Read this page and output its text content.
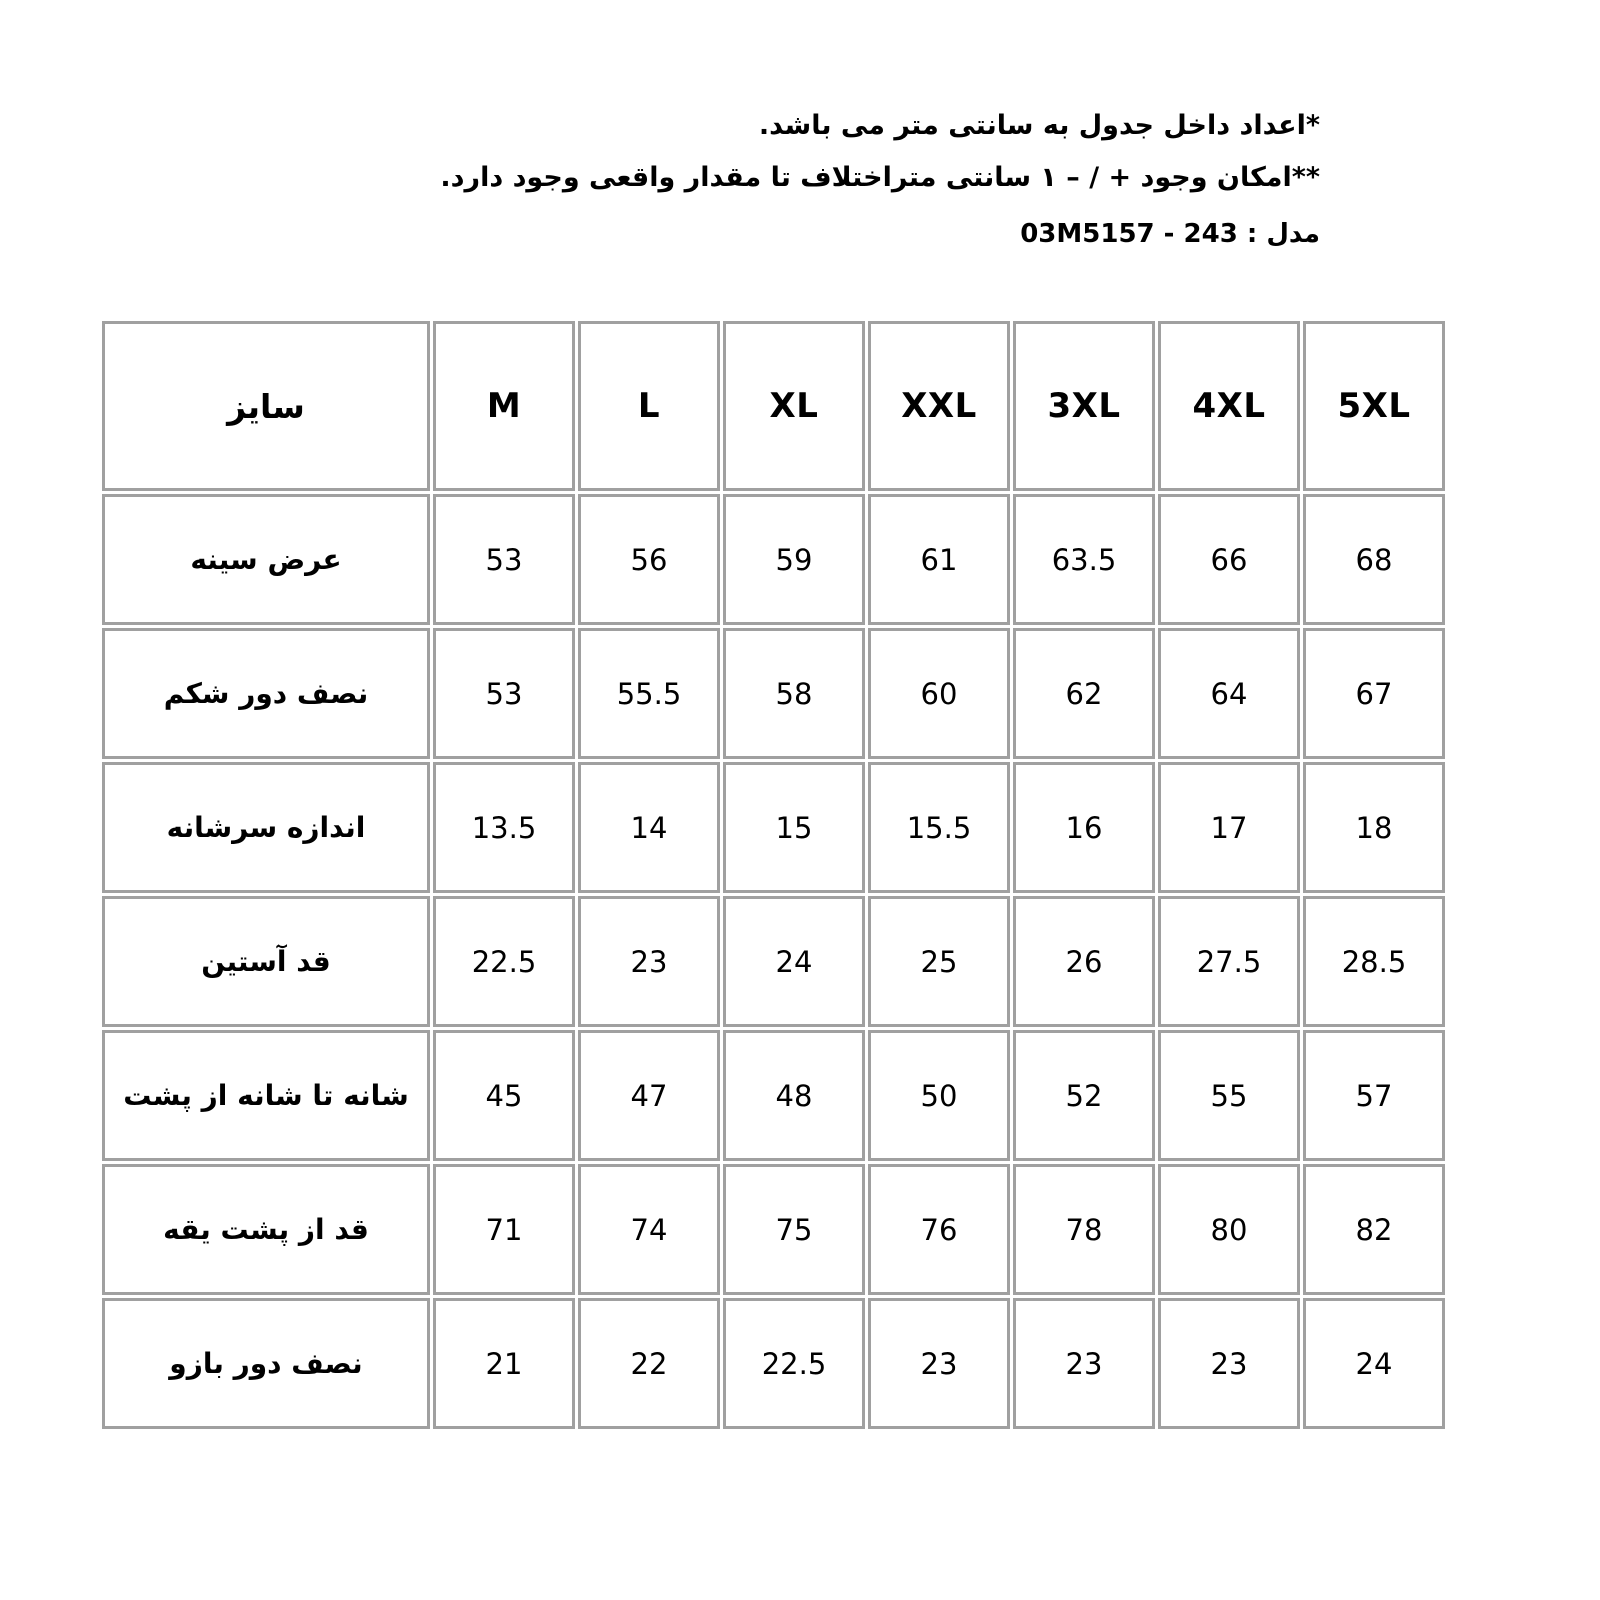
*اعداد داخل جدول به سانتی متر می باشد.
**امکان وجود + / – ۱ سانتی متراختلاف تا مقدار واقعی وجود دارد.
مدل : 243 - 03M5157
5XL	4XL	3XL	XXL	XL	L	M	سایز
68	66	63.5	61	59	56	53	عرض سینه
67	64	62	60	58	55.5	53	نصف دور شکم
18	17	16	15.5	15	14	13.5	اندازه سرشانه
28.5	27.5	26	25	24	23	22.5	قد آستین
57	55	52	50	48	47	45	شانه تا شانه از پشت
82	80	78	76	75	74	71	قد از پشت یقه
24	23	23	23	22.5	22	21	نصف دور بازو
